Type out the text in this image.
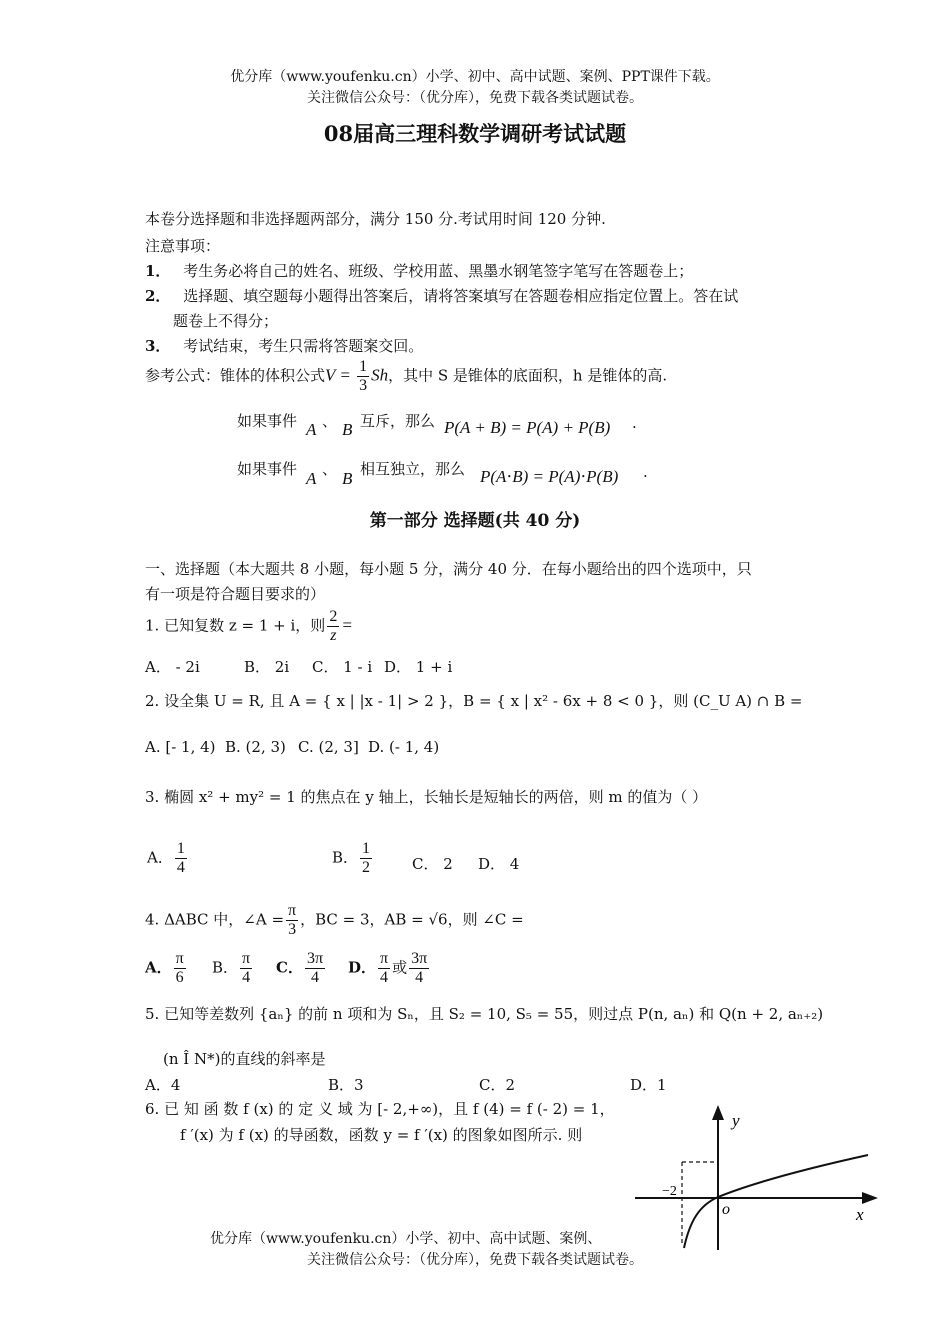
优分库（www.youfenku.cn）小学、初中、高中试题、案例、PPT课件下载。
关注微信公众号：（优分库），免费下载各类试题试卷。
08届高三理科数学调研考试试题
本卷分选择题和非选择题两部分，满分 150 分.考试用时间 120 分钟.
注意事项：
1． 考生务必将自己的姓名、班级、学校用蓝、黑墨水钢笔签字笔写在答题卷上；
2． 选择题、填空题每小题得出答案后，请将答案填写在答题卷相应指定位置上。答在试
题卷上不得分；
3． 考试结束，考生只需将答题案交回。
参考公式：锥体的体积公式$V = \frac{1}{3}$ Sh，其中 S 是锥体的底面积，h 是锥体的高.
如果事件 A 、 B 互斥，那么 P(A + B) = P(A) + P(B) .
如果事件 A 、 B 相互独立，那么 P(A⋅B) = P(A)⋅P(B) .
第一部分 选择题(共 40 分)
一、选择题（本大题共 8 小题，每小题 5 分，满分 40 分．在每小题给出的四个选项中，只
有一项是符合题目要求的）
1. 已知复数 z = 1 + i，则 $\frac{2}{z}$ =
A． - 2i	B． 2i C． 1 - i D． 1 + i
2. 设全集 U = R, 且 A = { x | |x - 1| > 2 }，B = { x | x² - 6x + 8 < 0 }，则 (C_U A) ∩ B =
A. [- 1, 4) B. (2, 3) C. (2, 3] D. (- 1, 4)
3. 椭圆 x² + my² = 1 的焦点在 y 轴上，长轴长是短轴长的两倍，则 m 的值为（ ）
A． $\frac{1}{4}$	B． $\frac{1}{2}$	C． 2 D． 4
4. ΔABC 中，∠A = $\frac{\pi}{3}$ ，BC = 3，AB = √6，则 ∠C =
A． $\frac{\pi}{6}$ B． $\frac{\pi}{4}$ C． $\frac{3\pi}{4}$ D． $\frac{\pi}{4}$ 或 $\frac{3\pi}{4}$
5. 已知等差数列 {aₙ} 的前 n 项和为 Sₙ，且 S₂ = 10, S₅ = 55，则过点 P(n, aₙ) 和 Q(n + 2, aₙ₊₂)
(n Î N*)的直线的斜率是
A．4	B．3	C．2	D．1
6. 已 知 函 数 f (x) 的 定 义 域 为 [- 2,+∞)，且 f (4) = f (- 2) = 1，
f ′(x) 为 f (x) 的导函数，函数 y = f ′(x) 的图象如图所示. 则
y
x
o
−2
优分库（www.youfenku.cn）小学、初中、高中试题、案例、
关注微信公众号：（优分库），免费下载各类试题试卷。
